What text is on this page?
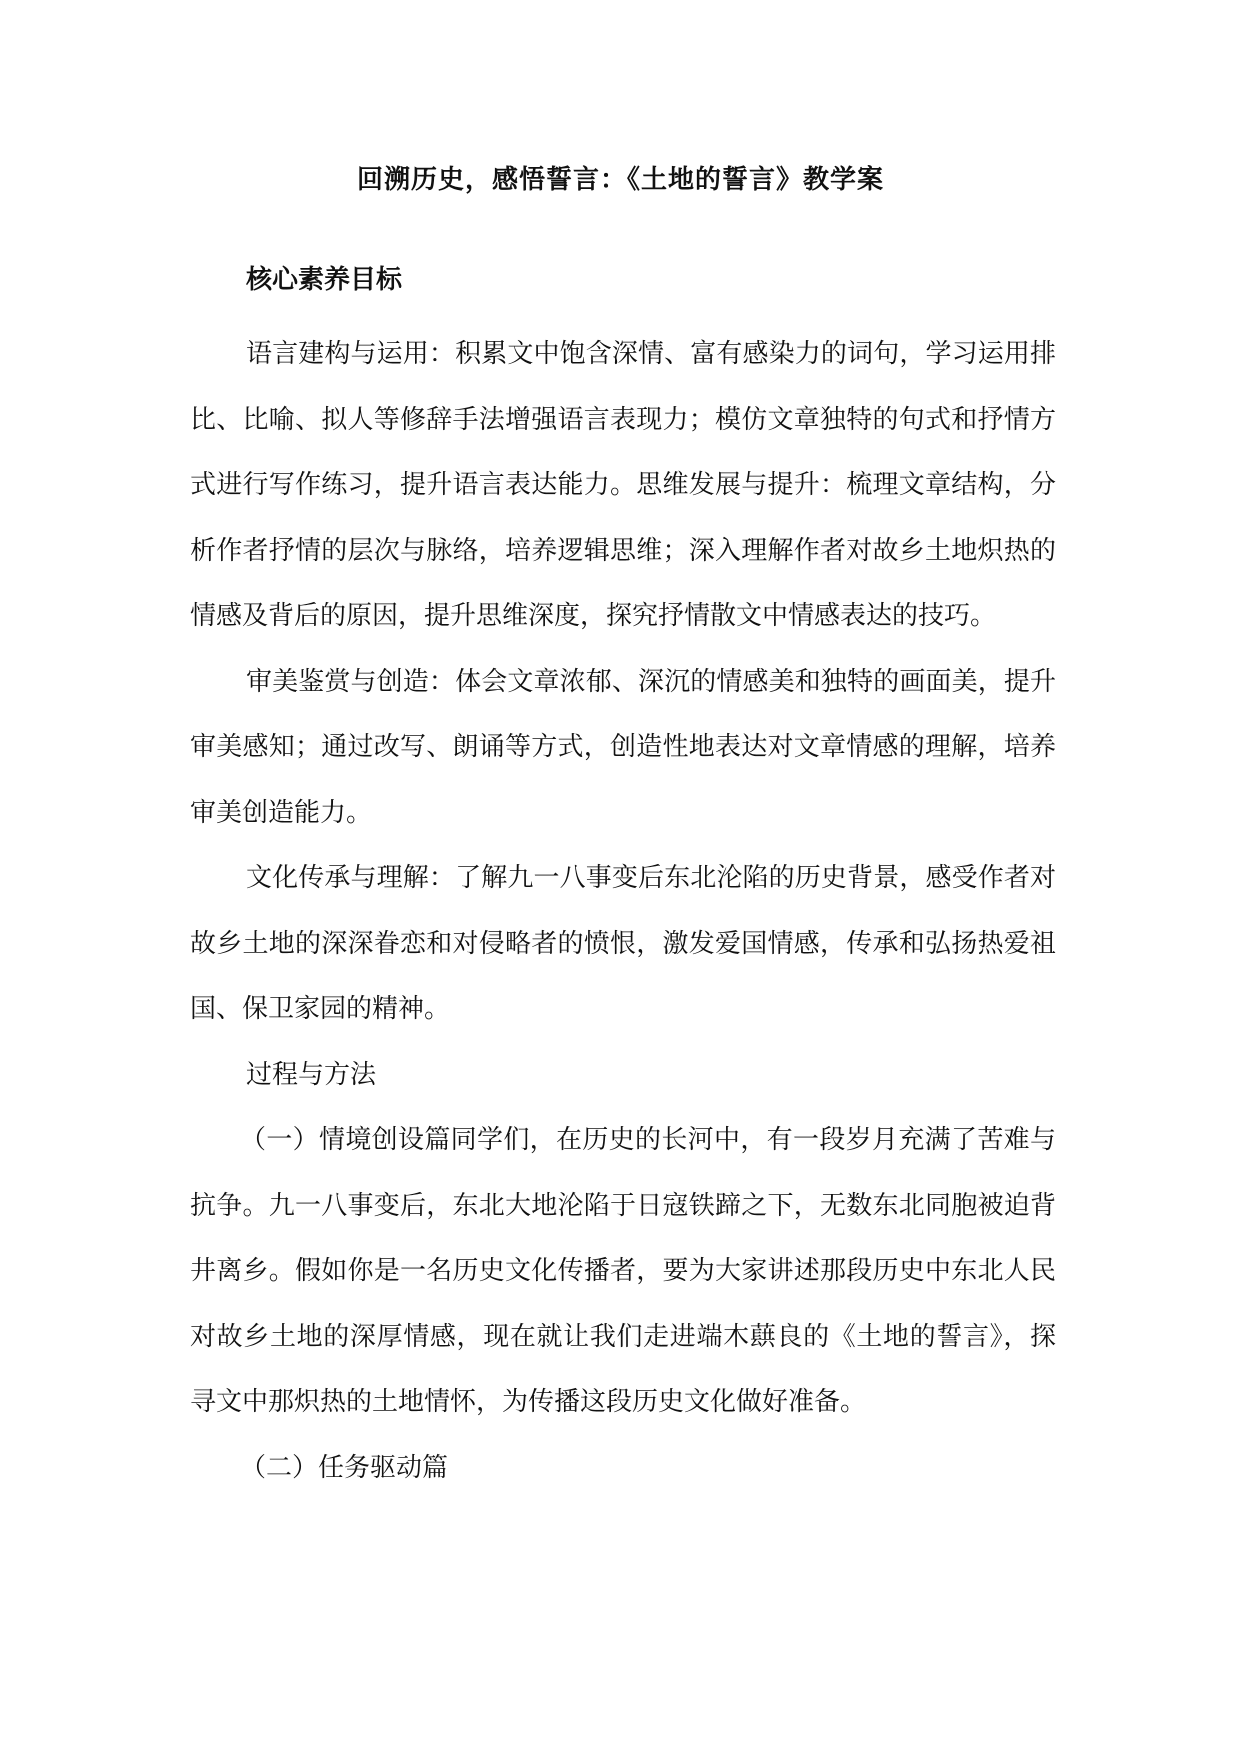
回溯历史，感悟誓言：《土地的誓言》教学案

核心素养目标

语言建构与运用：积累文中饱含深情、富有感染力的词句，学习运用排比、比喻、拟人等修辞手法增强语言表现力；模仿文章独特的句式和抒情方式进行写作练习，提升语言表达能力。思维发展与提升：梳理文章结构，分析作者抒情的层次与脉络，培养逻辑思维；深入理解作者对故乡土地炽热的情感及背后的原因，提升思维深度，探究抒情散文中情感表达的技巧。

审美鉴赏与创造：体会文章浓郁、深沉的情感美和独特的画面美，提升审美感知；通过改写、朗诵等方式，创造性地表达对文章情感的理解，培养审美创造能力。

文化传承与理解：了解九一八事变后东北沦陷的历史背景，感受作者对故乡土地的深深眷恋和对侵略者的愤恨，激发爱国情感，传承和弘扬热爱祖国、保卫家园的精神。

过程与方法

（一）情境创设篇同学们，在历史的长河中，有一段岁月充满了苦难与抗争。九一八事变后，东北大地沦陷于日寇铁蹄之下，无数东北同胞被迫背井离乡。假如你是一名历史文化传播者，要为大家讲述那段历史中东北人民对故乡土地的深厚情感，现在就让我们走进端木蕻良的《土地的誓言》，探寻文中那炽热的土地情怀，为传播这段历史文化做好准备。

（二）任务驱动篇
